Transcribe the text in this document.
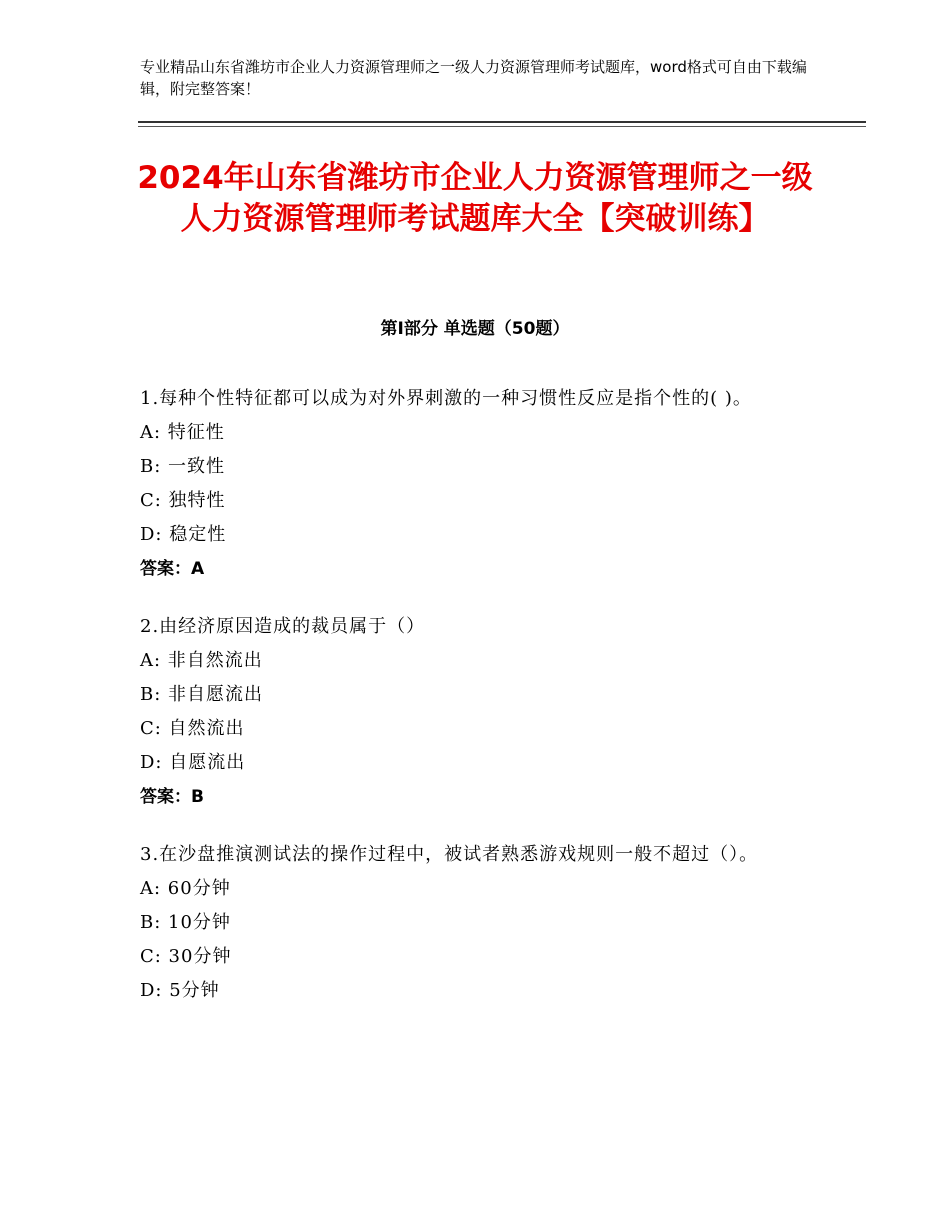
专业精品山东省潍坊市企业人力资源管理师之一级人力资源管理师考试题库，word格式可自由下载编辑，附完整答案！
2024年山东省潍坊市企业人力资源管理师之一级人力资源管理师考试题库大全【突破训练】
第Ⅰ部分 单选题（50题）
1.每种个性特征都可以成为对外界刺激的一种习惯性反应是指个性的( )。
A: 特征性
B: 一致性
C: 独特性
D: 稳定性
答案：A
2.由经济原因造成的裁员属于（）
A: 非自然流出
B: 非自愿流出
C: 自然流出
D: 自愿流出
答案：B
3.在沙盘推演测试法的操作过程中，被试者熟悉游戏规则一般不超过（）。
A: 60分钟
B: 10分钟
C: 30分钟
D: 5分钟
